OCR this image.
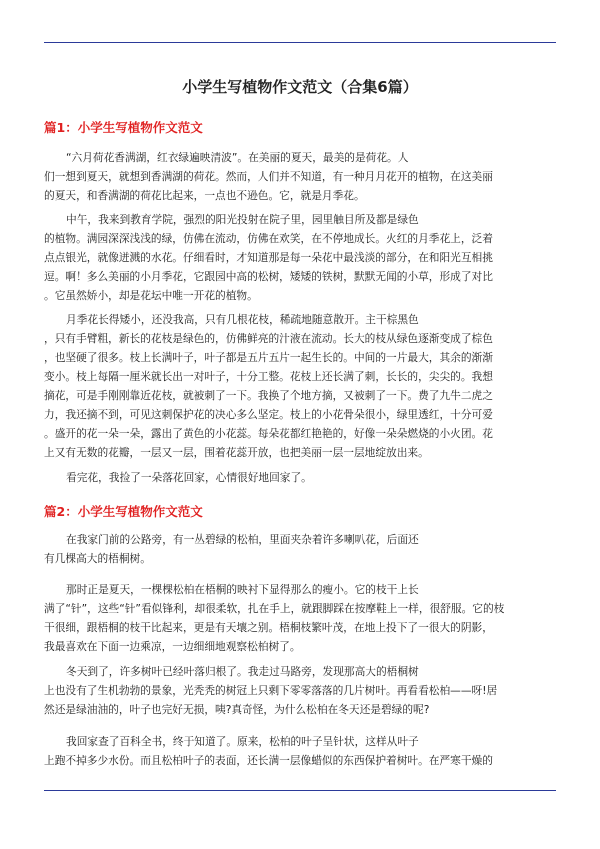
小学生写植物作文范文（合集6篇）
篇1：小学生写植物作文范文
“六月荷花香满湖，红衣绿遍映清波”。在美丽的夏天，最美的是荷花。人
们一想到夏天，就想到香满湖的荷花。然而，人们并不知道，有一种月月花开的植物，在这美丽
的夏天，和香满湖的荷花比起来，一点也不逊色。它，就是月季花。
中午，我来到教育学院，强烈的阳光投射在院子里，园里触目所及都是绿色
的植物。满园深深浅浅的绿，仿佛在流动，仿佛在欢笑，在不停地成长。火红的月季花上，泛着
点点银光，就像迸溅的水花。仔细看时，才知道那是每一朵花中最浅淡的部分，在和阳光互相挑
逗。啊！多么美丽的小月季花，它跟园中高的松树，矮矮的铁树，默默无闻的小草，形成了对比
。它虽然娇小，却是花坛中唯一开花的植物。
月季花长得矮小，还没我高，只有几根花枝，稀疏地随意散开。主干棕黑色
，只有手臂粗，新长的花枝是绿色的，仿佛鲜亮的汁液在流动。长大的枝从绿色逐渐变成了棕色
，也坚硬了很多。枝上长满叶子，叶子都是五片五片一起生长的。中间的一片最大，其余的渐渐
变小。枝上每隔一厘米就长出一对叶子，十分工整。花枝上还长满了刺，长长的，尖尖的。我想
摘花，可是手刚刚靠近花枝，就被刺了一下。我换了个地方摘，又被刺了一下。费了九牛二虎之
力，我还摘不到，可见这刺保护花的决心多么坚定。枝上的小花骨朵很小，绿里透红，十分可爱
。盛开的花一朵一朵，露出了黄色的小花蕊。每朵花都红艳艳的，好像一朵朵燃烧的小火团。花
上又有无数的花瓣，一层又一层，围着花蕊开放，也把美丽一层一层地绽放出来。
看完花，我捡了一朵落花回家，心情很好地回家了。
篇2：小学生写植物作文范文
在我家门前的公路旁，有一丛碧绿的松柏，里面夹杂着许多喇叭花，后面还
有几棵高大的梧桐树。
那时正是夏天，一棵棵松柏在梧桐的映衬下显得那么的瘦小。它的枝干上长
满了“针”，这些“针”看似锋利，却很柔软，扎在手上，就跟脚踩在按摩鞋上一样，很舒服。它的枝
干很细，跟梧桐的枝干比起来，更是有天壤之别。梧桐枝繁叶茂，在地上投下了一很大的阴影，
我最喜欢在下面一边乘凉，一边细细地观察松柏树了。
冬天到了，许多树叶已经叶落归根了。我走过马路旁，发现那高大的梧桐树
上也没有了生机勃勃的景象，光秃秃的树冠上只剩下零零落落的几片树叶。再看看松柏——呀!居
然还是绿油油的，叶子也完好无损，咦?真奇怪，为什么松柏在冬天还是碧绿的呢?
我回家查了百科全书，终于知道了。原来，松柏的叶子呈针状，这样从叶子
上跑不掉多少水份。而且松柏叶子的表面，还长满一层像蜡似的东西保护着树叶。在严寒干燥的
